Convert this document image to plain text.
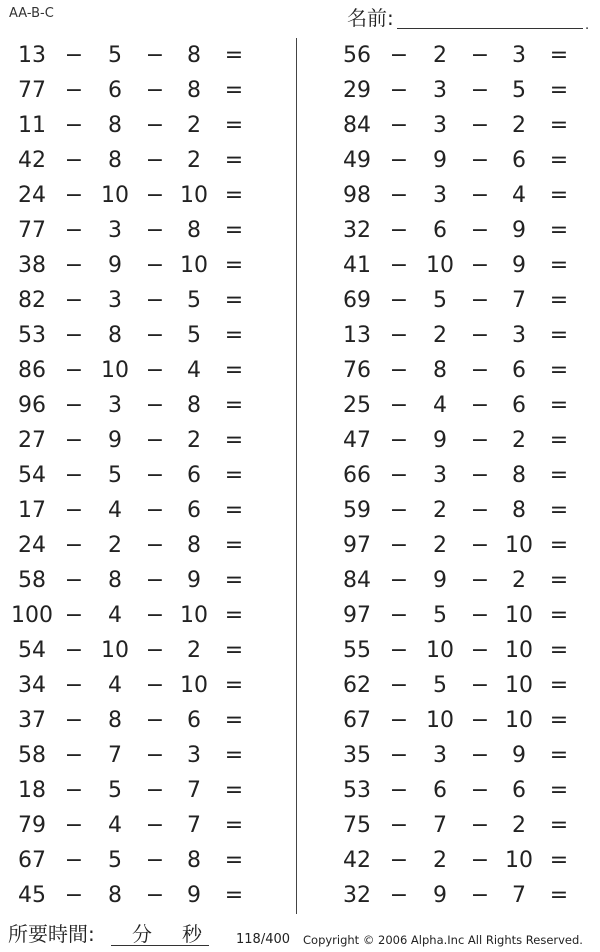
AA-B-C	名前:	.
13 −	5	−	8	=
77 −	6	−	8	=
11 −	8	−	2	=
42 −	8	−	2	=
24 − 10 − 10 =
77 −	3	−	8	=
38 −	9	− 10 =
82 −	3	−	5	=
53 −	8	−	5	=
86 − 10 −	4	=
96 −	3	−	8	=
27 −	9	−	2	=
54 −	5	−	6	=
17 −	4	−	6	=
24 −	2	−	8	=
58 −	8	−	9	=
100 −	4	− 10 =
54 − 10 −	2	=
34 −	4	− 10 =
37 −	8	−	6	=
58 −	7	−	3	=
18 −	5	−	7	=
79 −	4	−	7	=
67 −	5	−	8	=
45 −	8	−	9	=
56 −	2	−	3	=
29 −	3	−	5	=
84 −	3	−	2	=
49 −	9	−	6	=
98 −	3	−	4	=
32 −	6	−	9	=
41 − 10 −	9	=
69 −	5	−	7	=
13 −	2	−	3	=
76 −	8	−	6	=
25 −	4	−	6	=
47 −	9	−	2	=
66 −	3	−	8	=
59 −	2	−	8	=
97 −	2	− 10 =
84 −	9	−	2	=
97 −	5	− 10 =
55 − 10 − 10 =
62 −	5	− 10 =
67 − 10 − 10 =
35 −	3	−	9	=
53 −	6	−	6	=
75 −	7	−	2	=
42 −	2	− 10 =
32 −	9	−	7	=
所要時間: 分 秒	118/400 Copyright © 2006 Alpha.Inc All Rights Reserved.
